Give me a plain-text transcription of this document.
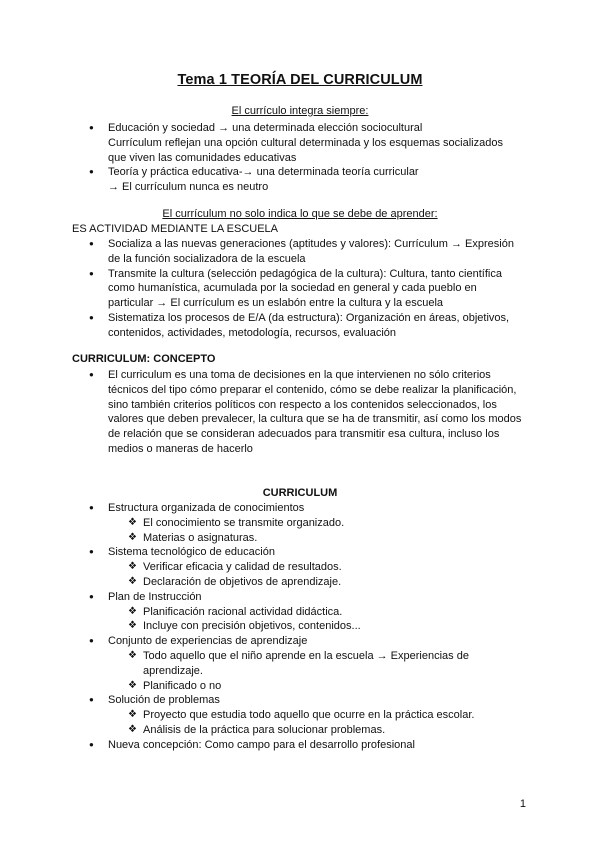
Tema 1 TEORÍA DEL CURRICULUM
El currículo integra siempre:
● Educación y sociedad → una determinada elección sociocultural
Currículum reflejan una opción cultural determinada y los esquemas socializados
que viven las comunidades educativas
● Teoría y práctica educativa-→ una determinada teoría curricular
→ El currículum nunca es neutro
El currículum no solo indica lo que se debe de aprender:
ES ACTIVIDAD MEDIANTE LA ESCUELA
● Socializa a las nuevas generaciones (aptitudes y valores): Currículum → Expresión
de la función socializadora de la escuela
● Transmite la cultura (selección pedagógica de la cultura): Cultura, tanto científica
como humanística, acumulada por la sociedad en general y cada pueblo en
particular → El currículum es un eslabón entre la cultura y la escuela
● Sistematiza los procesos de E/A (da estructura): Organización en áreas, objetivos,
contenidos, actividades, metodología, recursos, evaluación
CURRICULUM: CONCEPTO
● El curriculum es una toma de decisiones en la que intervienen no sólo criterios
técnicos del tipo cómo preparar el contenido, cómo se debe realizar la planificación,
sino también criterios políticos con respecto a los contenidos seleccionados, los
valores que deben prevalecer, la cultura que se ha de transmitir, así como los modos
de relación que se consideran adecuados para transmitir esa cultura, incluso los
medios o maneras de hacerlo
CURRICULUM
● Estructura organizada de conocimientos
❖ El conocimiento se transmite organizado.
❖ Materias o asignaturas.
● Sistema tecnológico de educación
❖ Verificar eficacia y calidad de resultados.
❖ Declaración de objetivos de aprendizaje.
● Plan de Instrucción
❖ Planificación racional actividad didáctica.
❖ Incluye con precisión objetivos, contenidos...
● Conjunto de experiencias de aprendizaje
❖ Todo aquello que el niño aprende en la escuela → Experiencias de
aprendizaje.
❖ Planificado o no
● Solución de problemas
❖ Proyecto que estudia todo aquello que ocurre en la práctica escolar.
❖ Análisis de la práctica para solucionar problemas.
● Nueva concepción: Como campo para el desarrollo profesional
1
